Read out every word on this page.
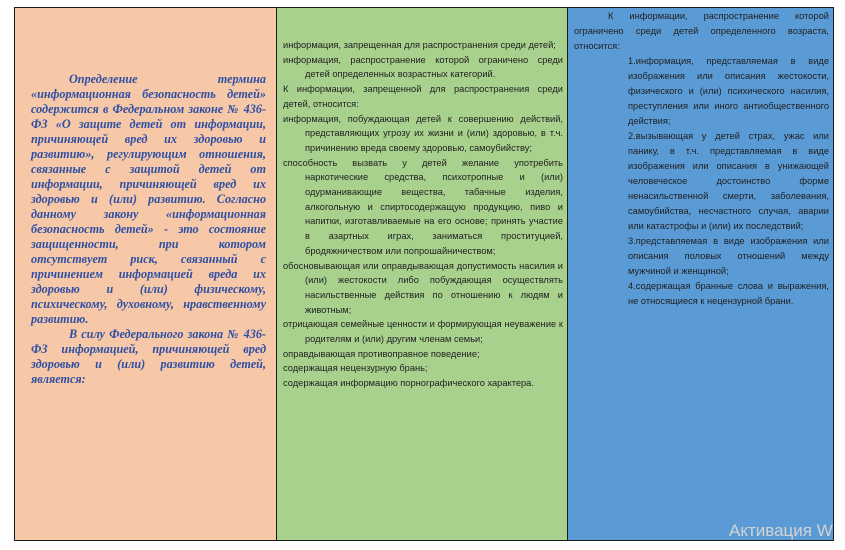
Определение термина «информационная безопасность детей» содержится в Федеральном законе № 436-ФЗ «О защите детей от информации, причиняющей вред их здоровью и развитию», регулирующим отношения, связанные с защитой детей от информации, причиняющей вред их здоровью и (или) развитию. Согласно данному закону «информационная безопасность детей» - это состояние защищенности, при котором отсутствует риск, связанный с причинением информацией вреда их здоровью и (или) физическому, психическому, духовному, нравственному развитию.

В силу Федерального закона № 436-ФЗ информацией, причиняющей вред здоровью и (или) развитию детей, является:

информация, запрещенная для распространения среди детей;

информация, распространение которой ограничено среди детей определенных возрастных категорий.

К информации, запрещенной для распространения среди детей, относится:

информация, побуждающая детей к совершению действий, представляющих угрозу их жизни и (или) здоровью, в т.ч. причинению вреда своему здоровью, самоубийству;

способность вызвать у детей желание употребить наркотические средства, психотропные и (или) одурманивающие вещества, табачные изделия, алкогольную и спиртосодержащую продукцию, пиво и напитки, изготавливаемые на его основе; принять участие в азартных играх, заниматься проституцией, бродяжничеством или попрошайничеством;

обосновывающая или оправдывающая допустимость насилия и (или) жестокости либо побуждающая осуществлять насильственные действия по отношению к людям и животным;

отрицающая семейные ценности и формирующая неуважение к родителям и (или) другим членам семьи;

оправдывающая противоправное поведение;

содержащая нецензурную брань;

содержащая информацию порнографического характера.

К информации, распространение которой ограничено среди детей определенного возраста, относится:

1.информация, представляемая в виде изображения или описания жестокости, физического и (или) психического насилия, преступления или иного антиобщественного действия;

2.вызывающая у детей страх, ужас или панику, в т.ч. представляемая в виде изображения или описания в унижающей человеческое достоинство форме ненасильственной смерти, заболевания, самоубийства, несчастного случая, аварии или катастрофы и (или) их последствий;

3.представляемая в виде изображения или описания половых отношений между мужчиной и женщиной;

4.содержащая бранные слова и выражения, не относящиеся к нецензурной брани.

Активация W
